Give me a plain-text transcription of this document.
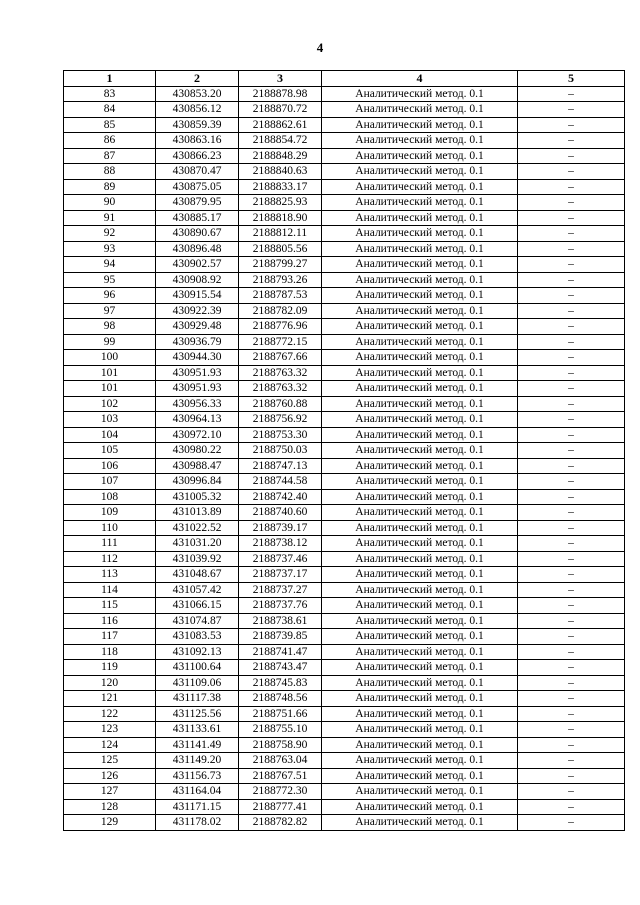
4
1	2	3	4	5
83	430853.20	2188878.98	Аналитический метод. 0.1	–
84	430856.12	2188870.72	Аналитический метод. 0.1	–
85	430859.39	2188862.61	Аналитический метод. 0.1	–
86	430863.16	2188854.72	Аналитический метод. 0.1	–
87	430866.23	2188848.29	Аналитический метод. 0.1	–
88	430870.47	2188840.63	Аналитический метод. 0.1	–
89	430875.05	2188833.17	Аналитический метод. 0.1	–
90	430879.95	2188825.93	Аналитический метод. 0.1	–
91	430885.17	2188818.90	Аналитический метод. 0.1	–
92	430890.67	2188812.11	Аналитический метод. 0.1	–
93	430896.48	2188805.56	Аналитический метод. 0.1	–
94	430902.57	2188799.27	Аналитический метод. 0.1	–
95	430908.92	2188793.26	Аналитический метод. 0.1	–
96	430915.54	2188787.53	Аналитический метод. 0.1	–
97	430922.39	2188782.09	Аналитический метод. 0.1	–
98	430929.48	2188776.96	Аналитический метод. 0.1	–
99	430936.79	2188772.15	Аналитический метод. 0.1	–
100	430944.30	2188767.66	Аналитический метод. 0.1	–
101	430951.93	2188763.32	Аналитический метод. 0.1	–
101	430951.93	2188763.32	Аналитический метод. 0.1	–
102	430956.33	2188760.88	Аналитический метод. 0.1	–
103	430964.13	2188756.92	Аналитический метод. 0.1	–
104	430972.10	2188753.30	Аналитический метод. 0.1	–
105	430980.22	2188750.03	Аналитический метод. 0.1	–
106	430988.47	2188747.13	Аналитический метод. 0.1	–
107	430996.84	2188744.58	Аналитический метод. 0.1	–
108	431005.32	2188742.40	Аналитический метод. 0.1	–
109	431013.89	2188740.60	Аналитический метод. 0.1	–
110	431022.52	2188739.17	Аналитический метод. 0.1	–
111	431031.20	2188738.12	Аналитический метод. 0.1	–
112	431039.92	2188737.46	Аналитический метод. 0.1	–
113	431048.67	2188737.17	Аналитический метод. 0.1	–
114	431057.42	2188737.27	Аналитический метод. 0.1	–
115	431066.15	2188737.76	Аналитический метод. 0.1	–
116	431074.87	2188738.61	Аналитический метод. 0.1	–
117	431083.53	2188739.85	Аналитический метод. 0.1	–
118	431092.13	2188741.47	Аналитический метод. 0.1	–
119	431100.64	2188743.47	Аналитический метод. 0.1	–
120	431109.06	2188745.83	Аналитический метод. 0.1	–
121	431117.38	2188748.56	Аналитический метод. 0.1	–
122	431125.56	2188751.66	Аналитический метод. 0.1	–
123	431133.61	2188755.10	Аналитический метод. 0.1	–
124	431141.49	2188758.90	Аналитический метод. 0.1	–
125	431149.20	2188763.04	Аналитический метод. 0.1	–
126	431156.73	2188767.51	Аналитический метод. 0.1	–
127	431164.04	2188772.30	Аналитический метод. 0.1	–
128	431171.15	2188777.41	Аналитический метод. 0.1	–
129	431178.02	2188782.82	Аналитический метод. 0.1	–
